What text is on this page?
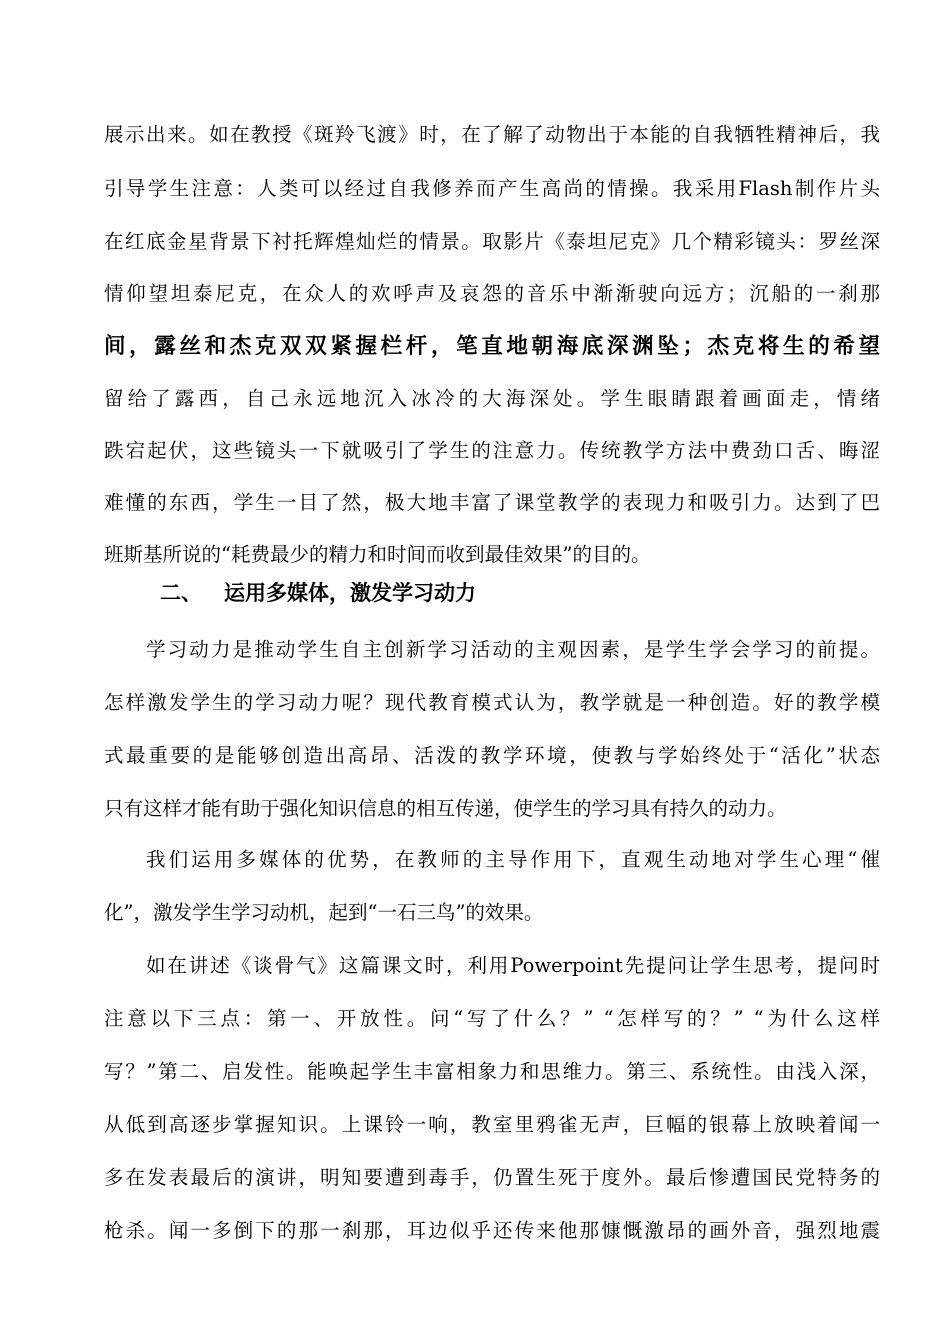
展示出来。如在教授《斑羚飞渡》时，在了解了动物出于本能的自我牺牲精神后，我
引导学生注意：人类可以经过自我修养而产生高尚的情操。我采用Flash制作片头
在红底金星背景下衬托辉煌灿烂的情景。取影片《泰坦尼克》几个精彩镜头：罗丝深
情仰望坦泰尼克，在众人的欢呼声及哀怨的音乐中渐渐驶向远方；沉船的一刹那
间，露丝和杰克双双紧握栏杆，笔直地朝海底深渊坠；杰克将生的希望
留给了露西，自己永远地沉入冰冷的大海深处。学生眼睛跟着画面走，情绪
跌宕起伏，这些镜头一下就吸引了学生的注意力。传统教学方法中费劲口舌、晦涩
难懂的东西，学生一目了然，极大地丰富了课堂教学的表现力和吸引力。达到了巴
班斯基所说的“耗费最少的精力和时间而收到最佳效果”的目的。
二、 运用多媒体，激发学习动力
学习动力是推动学生自主创新学习活动的主观因素，是学生学会学习的前提。
怎样激发学生的学习动力呢？现代教育模式认为，教学就是一种创造。好的教学模
式最重要的是能够创造出高昂、活泼的教学环境，使教与学始终处于“活化”状态
只有这样才能有助于强化知识信息的相互传递，使学生的学习具有持久的动力。
我们运用多媒体的优势，在教师的主导作用下，直观生动地对学生心理“催
化”，激发学生学习动机，起到“一石三鸟”的效果。
如在讲述《谈骨气》这篇课文时，利用Powerpoint先提问让学生思考，提问时
注意以下三点：第一、开放性。问“写了什么？” “怎样写的？” “为什么这样
写？”第二、启发性。能唤起学生丰富相象力和思维力。第三、系统性。由浅入深，
从低到高逐步掌握知识。上课铃一响，教室里鸦雀无声，巨幅的银幕上放映着闻一
多在发表最后的演讲，明知要遭到毒手，仍置生死于度外。最后惨遭国民党特务的
枪杀。闻一多倒下的那一刹那，耳边似乎还传来他那慷慨激昂的画外音，强烈地震
